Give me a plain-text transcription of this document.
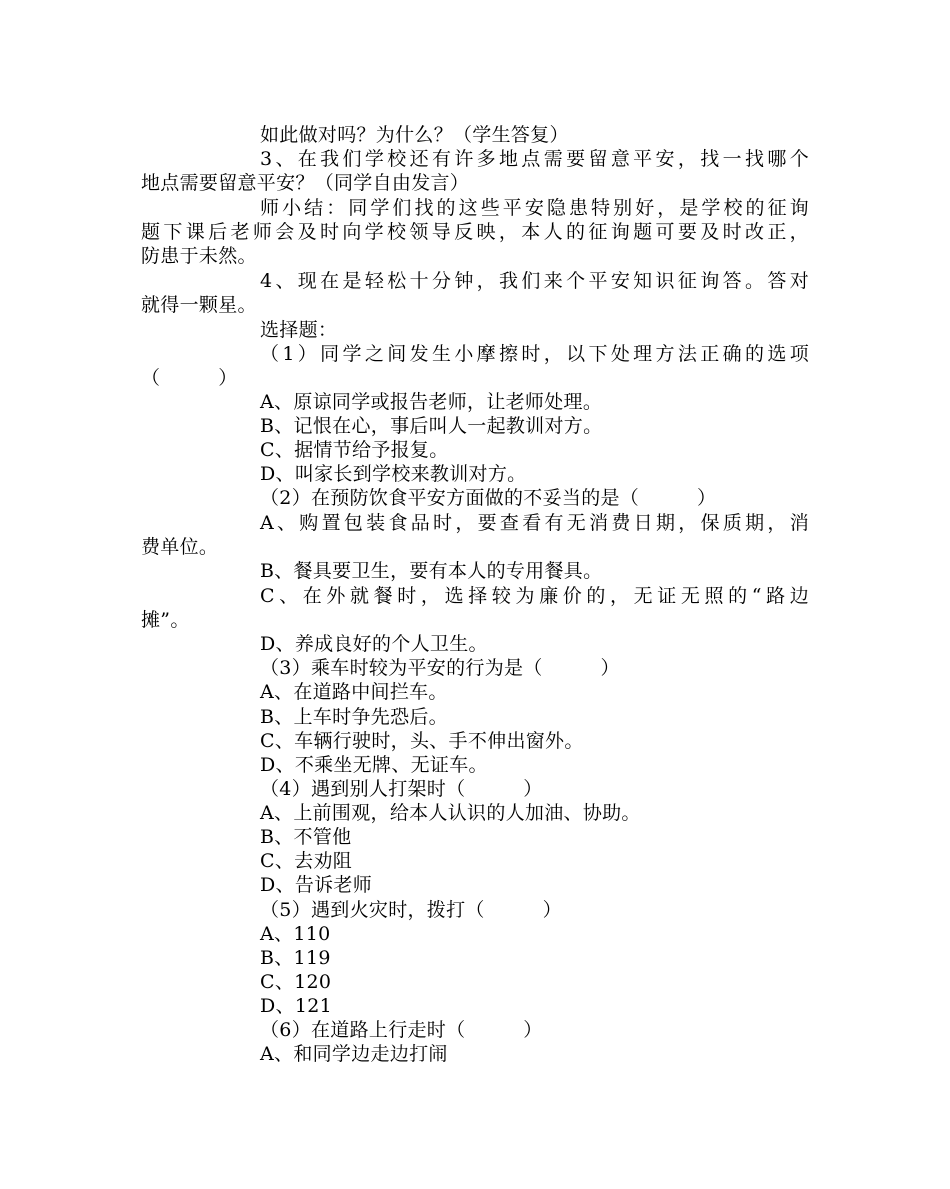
如此做对吗？为什么？（学生答复）
3、在我们学校还有许多地点需要留意平安，找一找哪个
地点需要留意平安？（同学自由发言）
师小结：同学们找的这些平安隐患特别好，是学校的征询
题下课后老师会及时向学校领导反映，本人的征询题可要及时改正，
防患于未然。
4、现在是轻松十分钟，我们来个平安知识征询答。答对
就得一颗星。
选择题：
（1）同学之间发生小摩擦时，以下处理方法正确的选项
（　　　）
A、原谅同学或报告老师，让老师处理。
B、记恨在心，事后叫人一起教训对方。
C、据情节给予报复。
D、叫家长到学校来教训对方。
（2）在预防饮食平安方面做的不妥当的是（　　　）
A、购置包装食品时，要查看有无消费日期，保质期，消
费单位。
B、餐具要卫生，要有本人的专用餐具。
C、在外就餐时，选择较为廉价的，无证无照的“路边
摊”。
D、养成良好的个人卫生。
（3）乘车时较为平安的行为是（　　　）
A、在道路中间拦车。
B、上车时争先恐后。
C、车辆行驶时，头、手不伸出窗外。
D、不乘坐无牌、无证车。
（4）遇到别人打架时（　　　）
A、上前围观，给本人认识的人加油、协助。
B、不管他
C、去劝阻
D、告诉老师
（5）遇到火灾时，拨打（　　　）
A、110
B、119
C、120
D、121
（6）在道路上行走时（　　　）
A、和同学边走边打闹
